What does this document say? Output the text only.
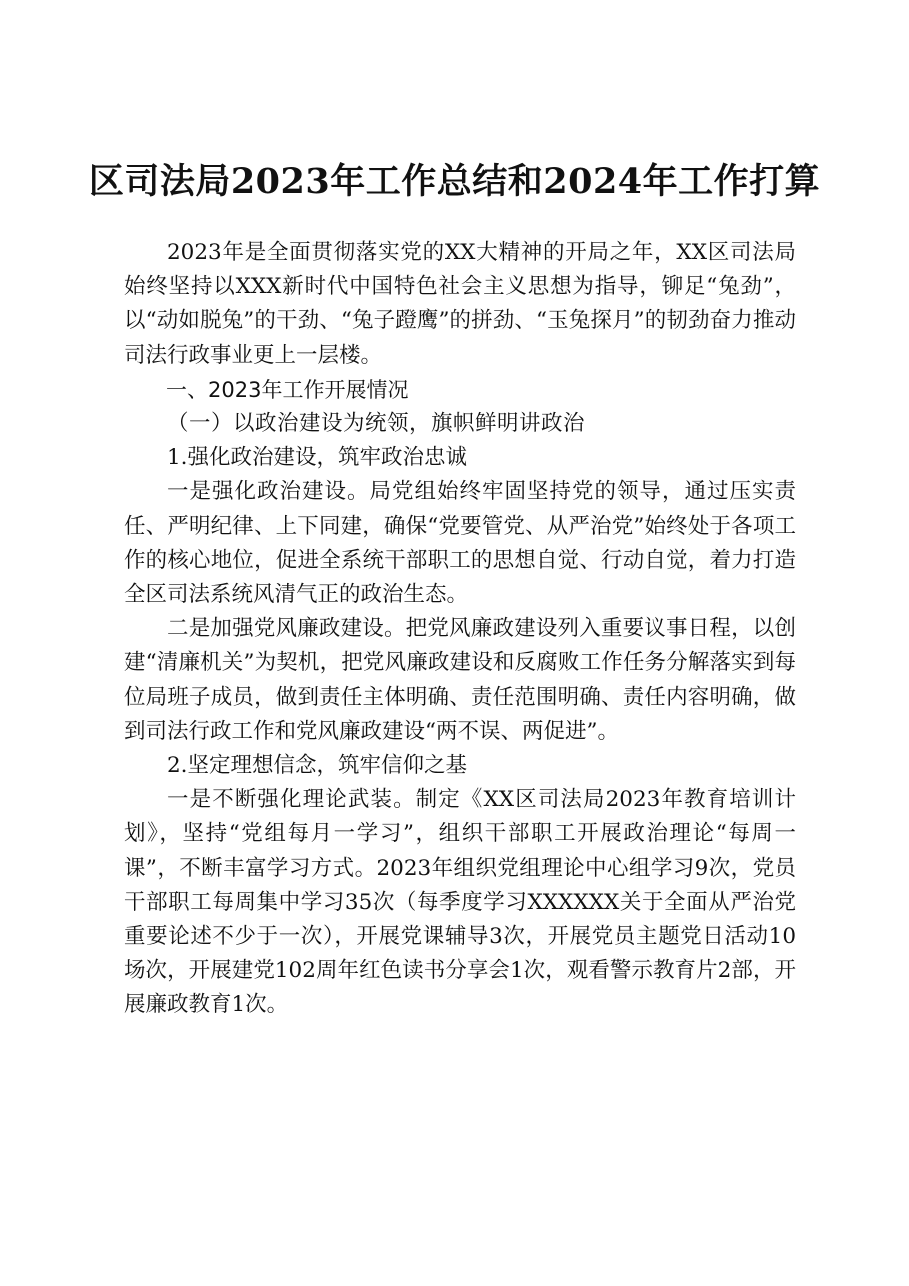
区司法局2023年工作总结和2024年工作打算

2023年是全面贯彻落实党的XX大精神的开局之年，XX区司法局始终坚持以XXX新时代中国特色社会主义思想为指导，铆足“兔劲”，以“动如脱兔”的干劲、“兔子蹬鹰”的拼劲、“玉兔探月”的韧劲奋力推动司法行政事业更上一层楼。

一、2023年工作开展情况

（一）以政治建设为统领，旗帜鲜明讲政治

1.强化政治建设，筑牢政治忠诚

一是强化政治建设。局党组始终牢固坚持党的领导，通过压实责任、严明纪律、上下同建，确保“党要管党、从严治党”始终处于各项工作的核心地位，促进全系统干部职工的思想自觉、行动自觉，着力打造全区司法系统风清气正的政治生态。

二是加强党风廉政建设。把党风廉政建设列入重要议事日程，以创建“清廉机关”为契机，把党风廉政建设和反腐败工作任务分解落实到每位局班子成员，做到责任主体明确、责任范围明确、责任内容明确，做到司法行政工作和党风廉政建设“两不误、两促进”。

2.坚定理想信念，筑牢信仰之基

一是不断强化理论武装。制定《XX区司法局2023年教育培训计划》，坚持“党组每月一学习”，组织干部职工开展政治理论“每周一课”，不断丰富学习方式。2023年组织党组理论中心组学习9次，党员干部职工每周集中学习35次（每季度学习XXXXXX关于全面从严治党重要论述不少于一次），开展党课辅导3次，开展党员主题党日活动10场次，开展建党102周年红色读书分享会1次，观看警示教育片2部，开展廉政教育1次。
